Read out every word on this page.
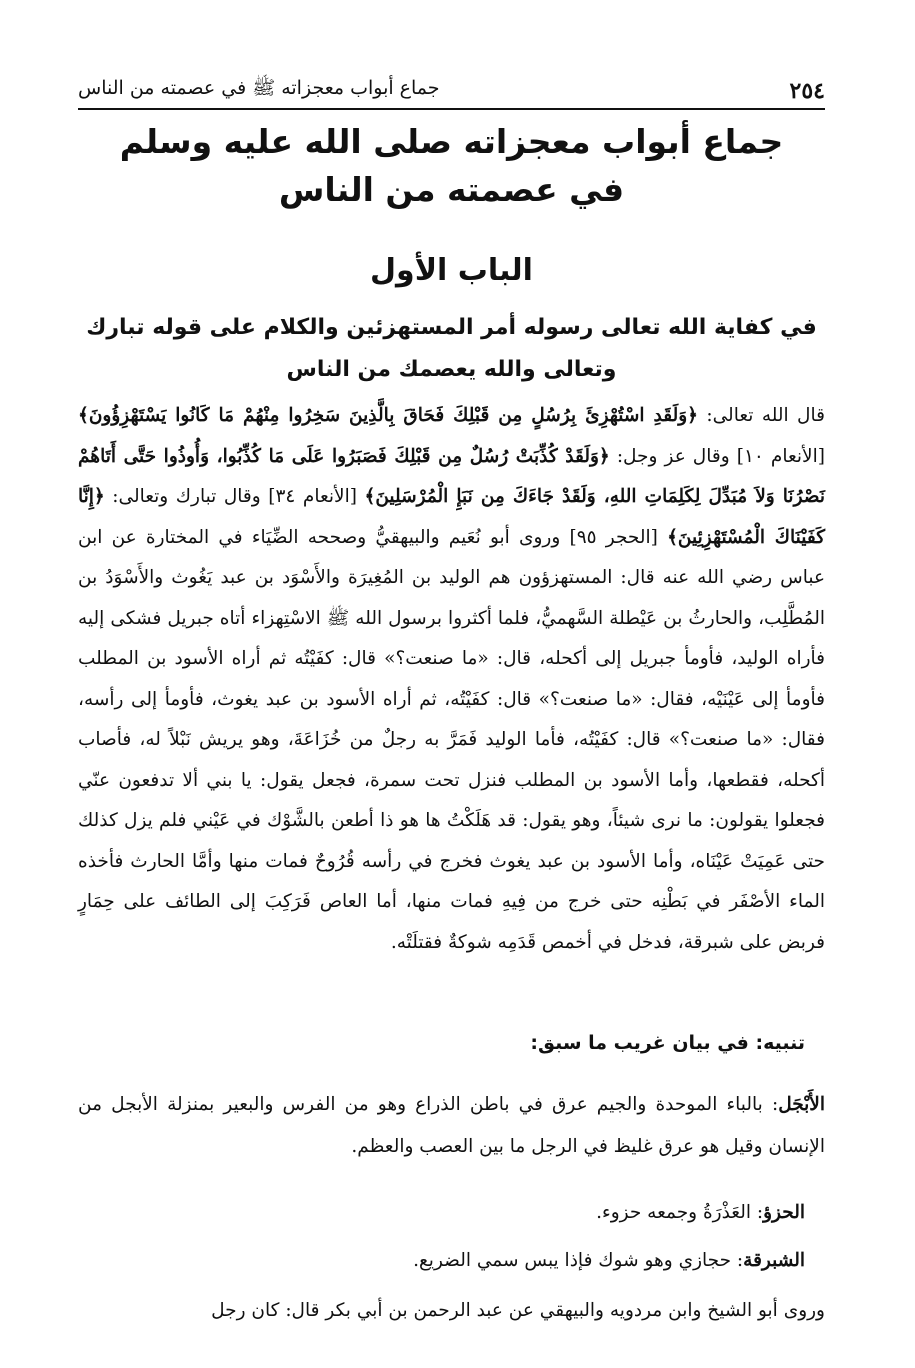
٢٥٤
جماع أبواب معجزاته ﷺ في عصمته من الناس
جماع أبواب معجزاته صلى الله عليه وسلم
في عصمته من الناس
الباب الأول
في كفاية الله تعالى رسوله أمر المستهزئين والكلام على قوله تبارك
وتعالى والله يعصمك من الناس

قال الله تعالى: ﴿وَلَقَدِ اسْتُهْزِئَ بِرُسُلٍ مِن قَبْلِكَ فَحَاقَ بِالَّذِينَ سَخِرُوا مِنْهُمْ مَا كَانُوا يَسْتَهْزِؤُونَ﴾ [الأنعام ١٠] وقال عز وجل: ﴿وَلَقَدْ كُذِّبَتْ رُسُلٌ مِن قَبْلِكَ فَصَبَرُوا عَلَى مَا كُذِّبُوا، وَأُوذُوا حَتَّى أَتَاهُمْ نَصْرُنَا وَلاَ مُبَدِّلَ لِكَلِمَاتِ اللهِ، وَلَقَدْ جَاءَكَ مِن نَبَإِ الْمُرْسَلِينَ﴾ [الأنعام ٣٤] وقال تبارك وتعالى: ﴿إِنَّا كَفَيْنَاكَ الْمُسْتَهْزِئِينَ﴾ [الحجر ٩٥] وروى أبو نُعَيم والبيهقيُّ وصححه الضِّيَاء في المختارة عن ابن عباس رضي الله عنه قال: المستهزؤون هم الوليد بن المُغِيرَة والأَسْوَد بن عبد يَغُوث والأَسْوَدُ بن المُطَّلِب، والحارثُ بن عَيْطلة السَّهميُّ، فلما أكثروا برسول الله ﷺ الاسْتِهزاء أتاه جبريل فشكى إليه فأراه الوليد، فأومأ جبريل إلى أكحله، قال: «ما صنعت؟» قال: كفَيْتُه ثم أراه الأسود بن المطلب فأومأ إلى عَيْنَيْه، فقال: «ما صنعت؟» قال: كفَيْتُه، ثم أراه الأسود بن عبد يغوث، فأومأ إلى رأسه، فقال: «ما صنعت؟» قال: كفَيْتُه، فأما الوليد فَمَرَّ به رجلٌ من خُزَاعَةَ، وهو يريش نَبْلاً له، فأصاب أكحله، فقطعها، وأما الأسود بن المطلب فنزل تحت سمرة، فجعل يقول: يا بني ألا تدفعون عنّي فجعلوا يقولون: ما نرى شيئاً، وهو يقول: قد هَلَكْتُ ها هو ذا أطعن بالشَّوْك في عَيْني فلم يزل كذلك حتى عَمِيَتْ عَيْنَاه، وأما الأسود بن عبد يغوث فخرج في رأسه قُرُوحٌ فمات منها وأمَّا الحارث فأخذه الماء الأصْفَر في بَطْنِه حتى خرج من فِيهِ فمات منها، أما العاص فَرَكِبَ إلى الطائف على حِمَارٍ فربض على شبرقة، فدخل في أخمص قَدَمِه شوكةٌ فقتلَتْه.

تنبيه: في بيان غريب ما سبق:
الأَبْجَل: بالباء الموحدة والجيم عرق في باطن الذراع وهو من الفرس والبعير بمنزلة الأبجل من الإنسان وقيل هو عرق غليظ في الرجل ما بين العصب والعظم.
الحزؤ: العَذْرَةُ وجمعه حزوء.
الشبرقة: حجازي وهو شوك فإذا يبس سمي الضريع.
وروى أبو الشيخ وابن مردويه والبيهقي عن عبد الرحمن بن أبي بكر قال: كان رجل
